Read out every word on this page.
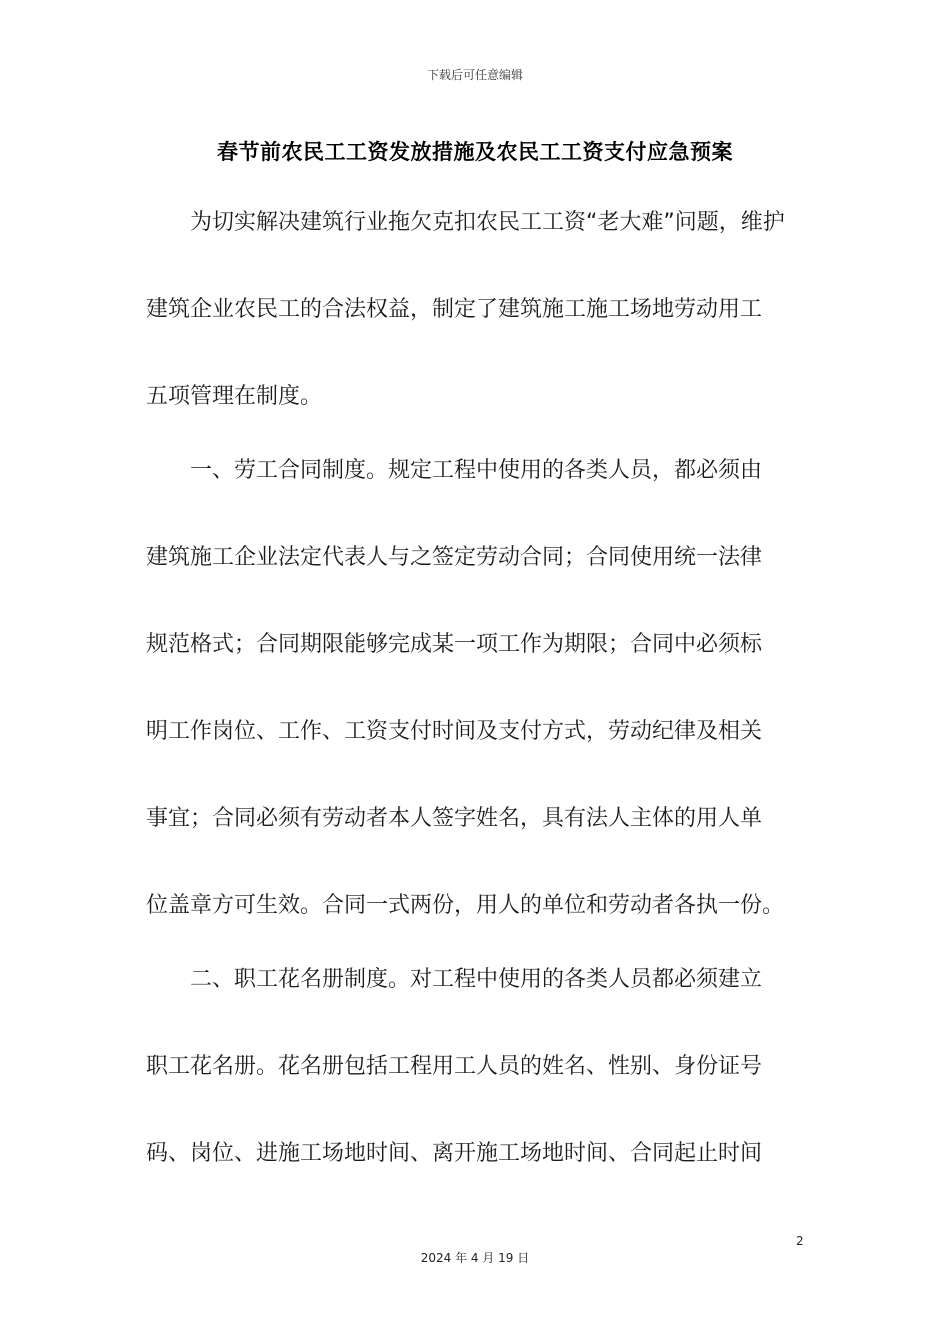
下载后可任意编辑
春节前农民工工资发放措施及农民工工资支付应急预案
为切实解决建筑行业拖欠克扣农民工工资“老大难”问题，维护
建筑企业农民工的合法权益，制定了建筑施工施工场地劳动用工
五项管理在制度。
一、劳工合同制度。规定工程中使用的各类人员，都必须由
建筑施工企业法定代表人与之签定劳动合同；合同使用统一法律
规范格式；合同期限能够完成某一项工作为期限；合同中必须标
明工作岗位、工作、工资支付时间及支付方式，劳动纪律及相关
事宜；合同必须有劳动者本人签字姓名，具有法人主体的用人单
位盖章方可生效。合同一式两份，用人的单位和劳动者各执一份。
二、职工花名册制度。对工程中使用的各类人员都必须建立
职工花名册。花名册包括工程用工人员的姓名、性别、身份证号
码、岗位、进施工场地时间、离开施工场地时间、合同起止时间
2
2024 年 4 月 19 日
